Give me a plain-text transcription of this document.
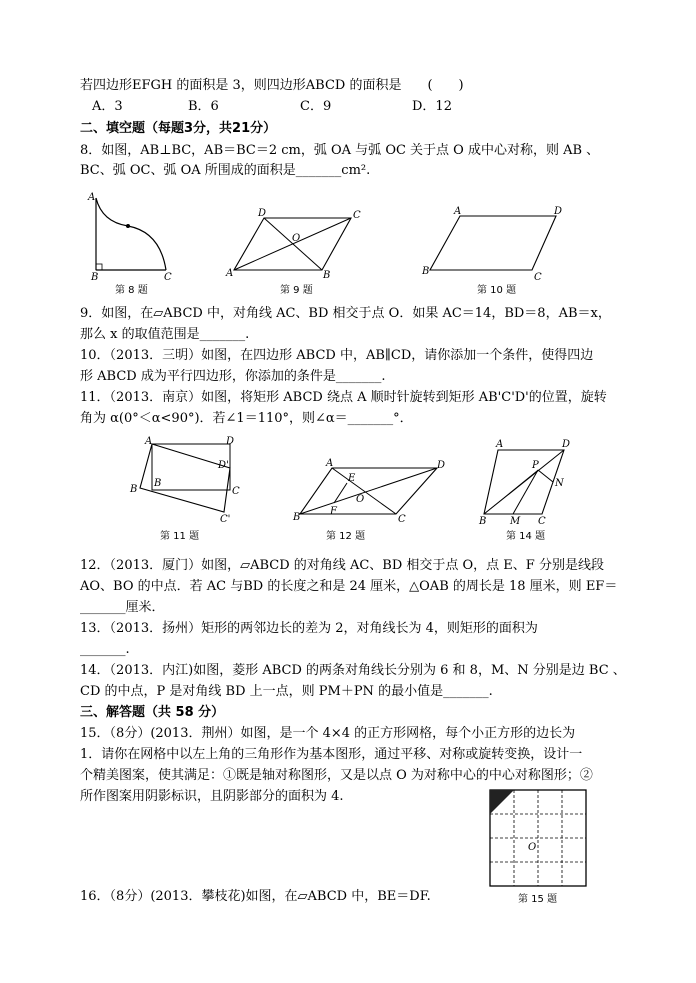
若四边形EFGH 的面积是 3，则四边形ABCD 的面积是　　(　　)
A．3	B．6	C．9	D．12
二、填空题（每题3分，共21分）
8．如图，AB⊥BC，AB＝BC＝2 cm，弧 OA 与弧 OC 关于点 O 成中心对称，则 AB 、
BC、弧 OC、弧 OA 所围成的面积是_______cm².
A
B	C
第 8 题
D	C
A	B
O
第 9 题
A	D
B
C
第 10 题
9．如图，在▱ABCD 中，对角线 AC、BD 相交于点 O．如果 AC＝14，BD＝8，AB＝x，
那么 x 的取值范围是_______.
10．（2013．三明）如图，在四边形 ABCD 中，AB∥CD，请你添加一个条件，使得四边
形 ABCD 成为平行四边形，你添加的条件是_______.
11．（2013．南京）如图，将矩形 ABCD 绕点 A 顺时针旋转到矩形 AB'C'D'的位置，旋转
角为 α(0°＜α<90°)．若∠1＝110°，则∠α＝_______°．
A	D
D'
C
B
B
C'
第 11 题
A	D
B	C
E
F
O
第 12 题
A	D
B M C
N
P
第 14 题
12．（2013．厦门）如图，▱ABCD 的对角线 AC、BD 相交于点 O，点 E、F 分别是线段
AO、BO 的中点．若 AC 与BD 的长度之和是 24 厘米，△OAB 的周长是 18 厘米，则 EF＝
_______厘米．
13．（2013．扬州）矩形的两邻边长的差为 2，对角线长为 4，则矩形的面积为
_______.
14．（2013．内江)如图，菱形 ABCD 的两条对角线长分别为 6 和 8，M、N 分别是边 BC 、
CD 的中点，P 是对角线 BD 上一点，则 PM＋PN 的最小值是_______.
三、解答题（共 58 分）
15．（8分）(2013．荆州）如图，是一个 4×4 的正方形网格，每个小正方形的边长为
1．请你在网格中以左上角的三角形作为基本图形，通过平移、对称或旋转变换，设计一
个精美图案，使其满足：①既是轴对称图形，又是以点 O 为对称中心的中心对称图形；②
所作图案用阴影标识，且阴影部分的面积为 4.
O
第 15 题
16．（8分）(2013．攀枝花)如图，在▱ABCD 中，BE＝DF.
